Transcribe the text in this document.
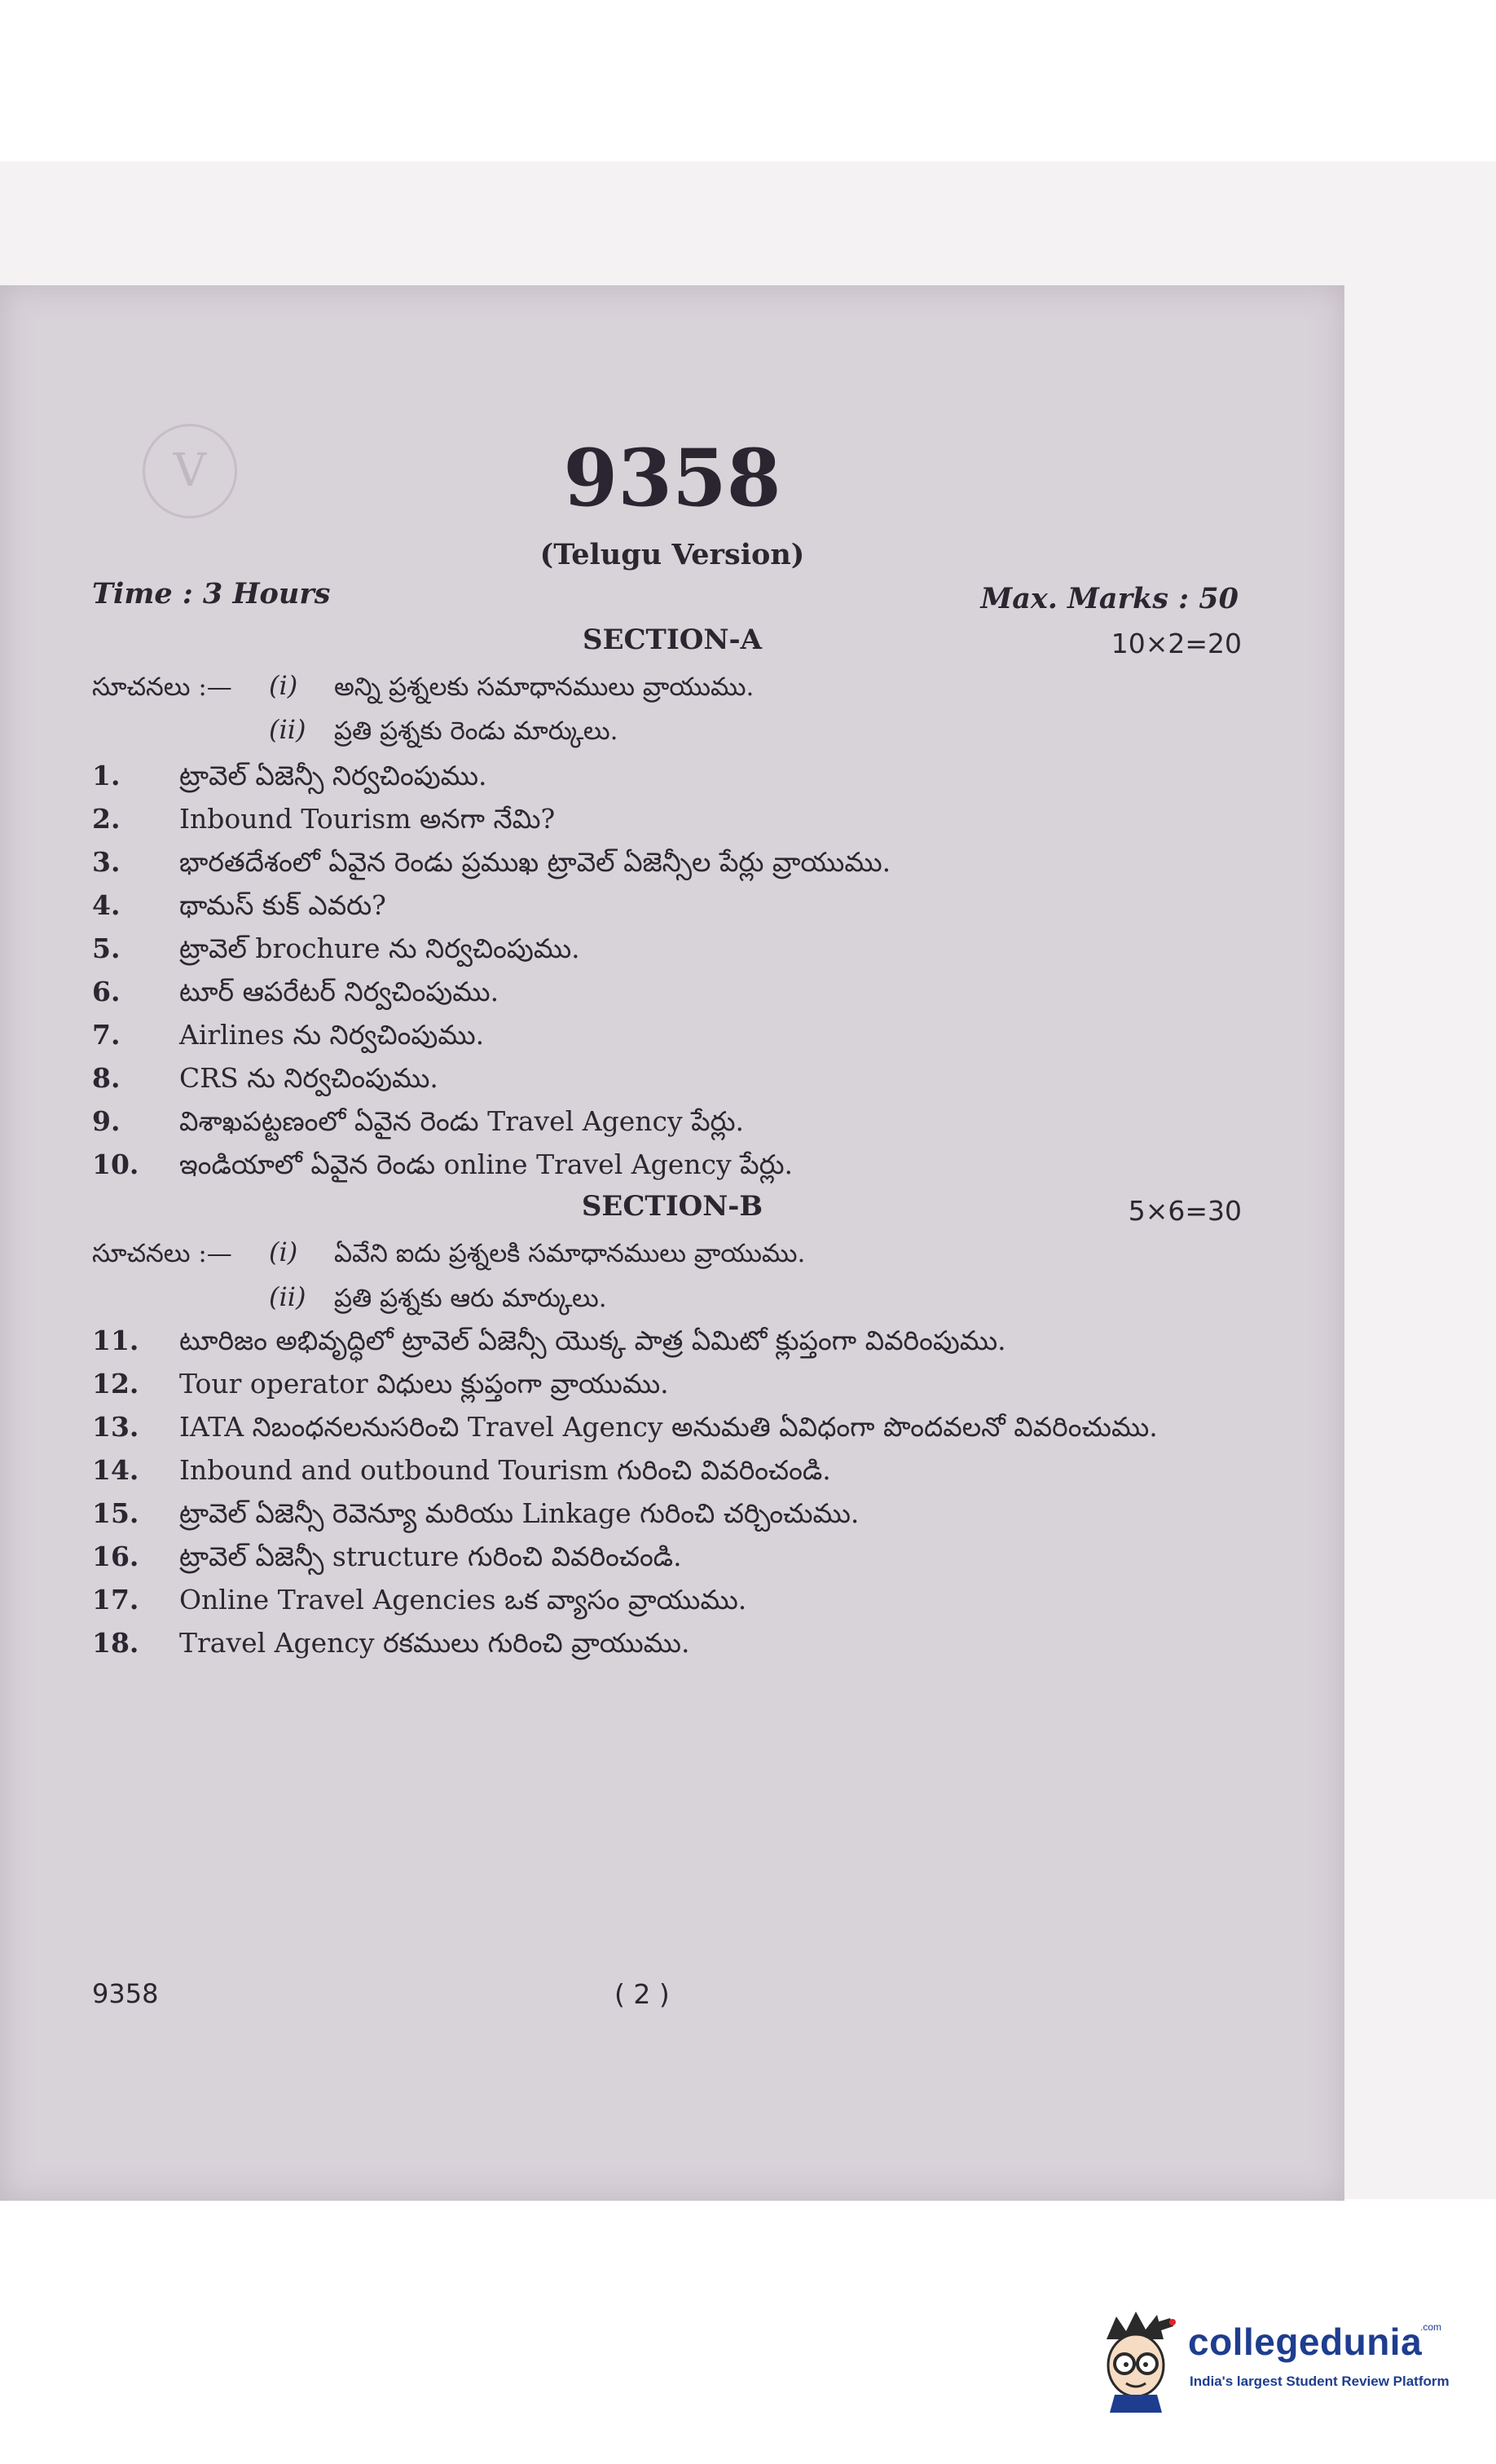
V	9358
(Telugu Version)
Time : 3 Hours	Max. Marks : 50
SECTION-A	10×2=20
సూచనలు :— (i) అన్ని ప్రశ్నలకు సమాధానములు వ్రాయుము.
(ii) ప్రతి ప్రశ్నకు రెండు మార్కులు.
1. ట్రావెల్ ఏజెన్సీ నిర్వచింపుము.
2. Inbound Tourism అనగా నేమి?
3. భారతదేశంలో ఏవైన రెండు ప్రముఖ ట్రావెల్ ఏజెన్సీల పేర్లు వ్రాయుము.
4. థామస్ కుక్ ఎవరు?
5. ట్రావెల్ brochure ను నిర్వచింపుము.
6. టూర్ ఆపరేటర్ నిర్వచింపుము.
7. Airlines ను నిర్వచింపుము.
8. CRS ను నిర్వచింపుము.
9. విశాఖపట్టణంలో ఏవైన రెండు Travel Agency పేర్లు.
10. ఇండియాలో ఏవైన రెండు online Travel Agency పేర్లు.
SECTION-B	5×6=30
సూచనలు :— (i) ఏవేని ఐదు ప్రశ్నలకి సమాధానములు వ్రాయుము.
(ii) ప్రతి ప్రశ్నకు ఆరు మార్కులు.
11. టూరిజం అభివృద్ధిలో ట్రావెల్ ఏజెన్సీ యొక్క పాత్ర ఏమిటో క్లుప్తంగా వివరింపుము.
12. Tour operator విధులు క్లుప్తంగా వ్రాయుము.
13. IATA నిబంధనలనుసరించి Travel Agency అనుమతి ఏవిధంగా పొందవలనో వివరించుము.
14. Inbound and outbound Tourism గురించి వివరించండి.
15. ట్రావెల్ ఏజెన్సీ రెవెన్యూ మరియు Linkage గురించి చర్చించుము.
16. ట్రావెల్ ఏజెన్సీ structure గురించి వివరించండి.
17. Online Travel Agencies ఒక వ్యాసం వ్రాయుము.
18. Travel Agency రకములు గురించి వ్రాయుము.
9358	( 2 )
collegedunia
.com
India's largest Student Review Platform
